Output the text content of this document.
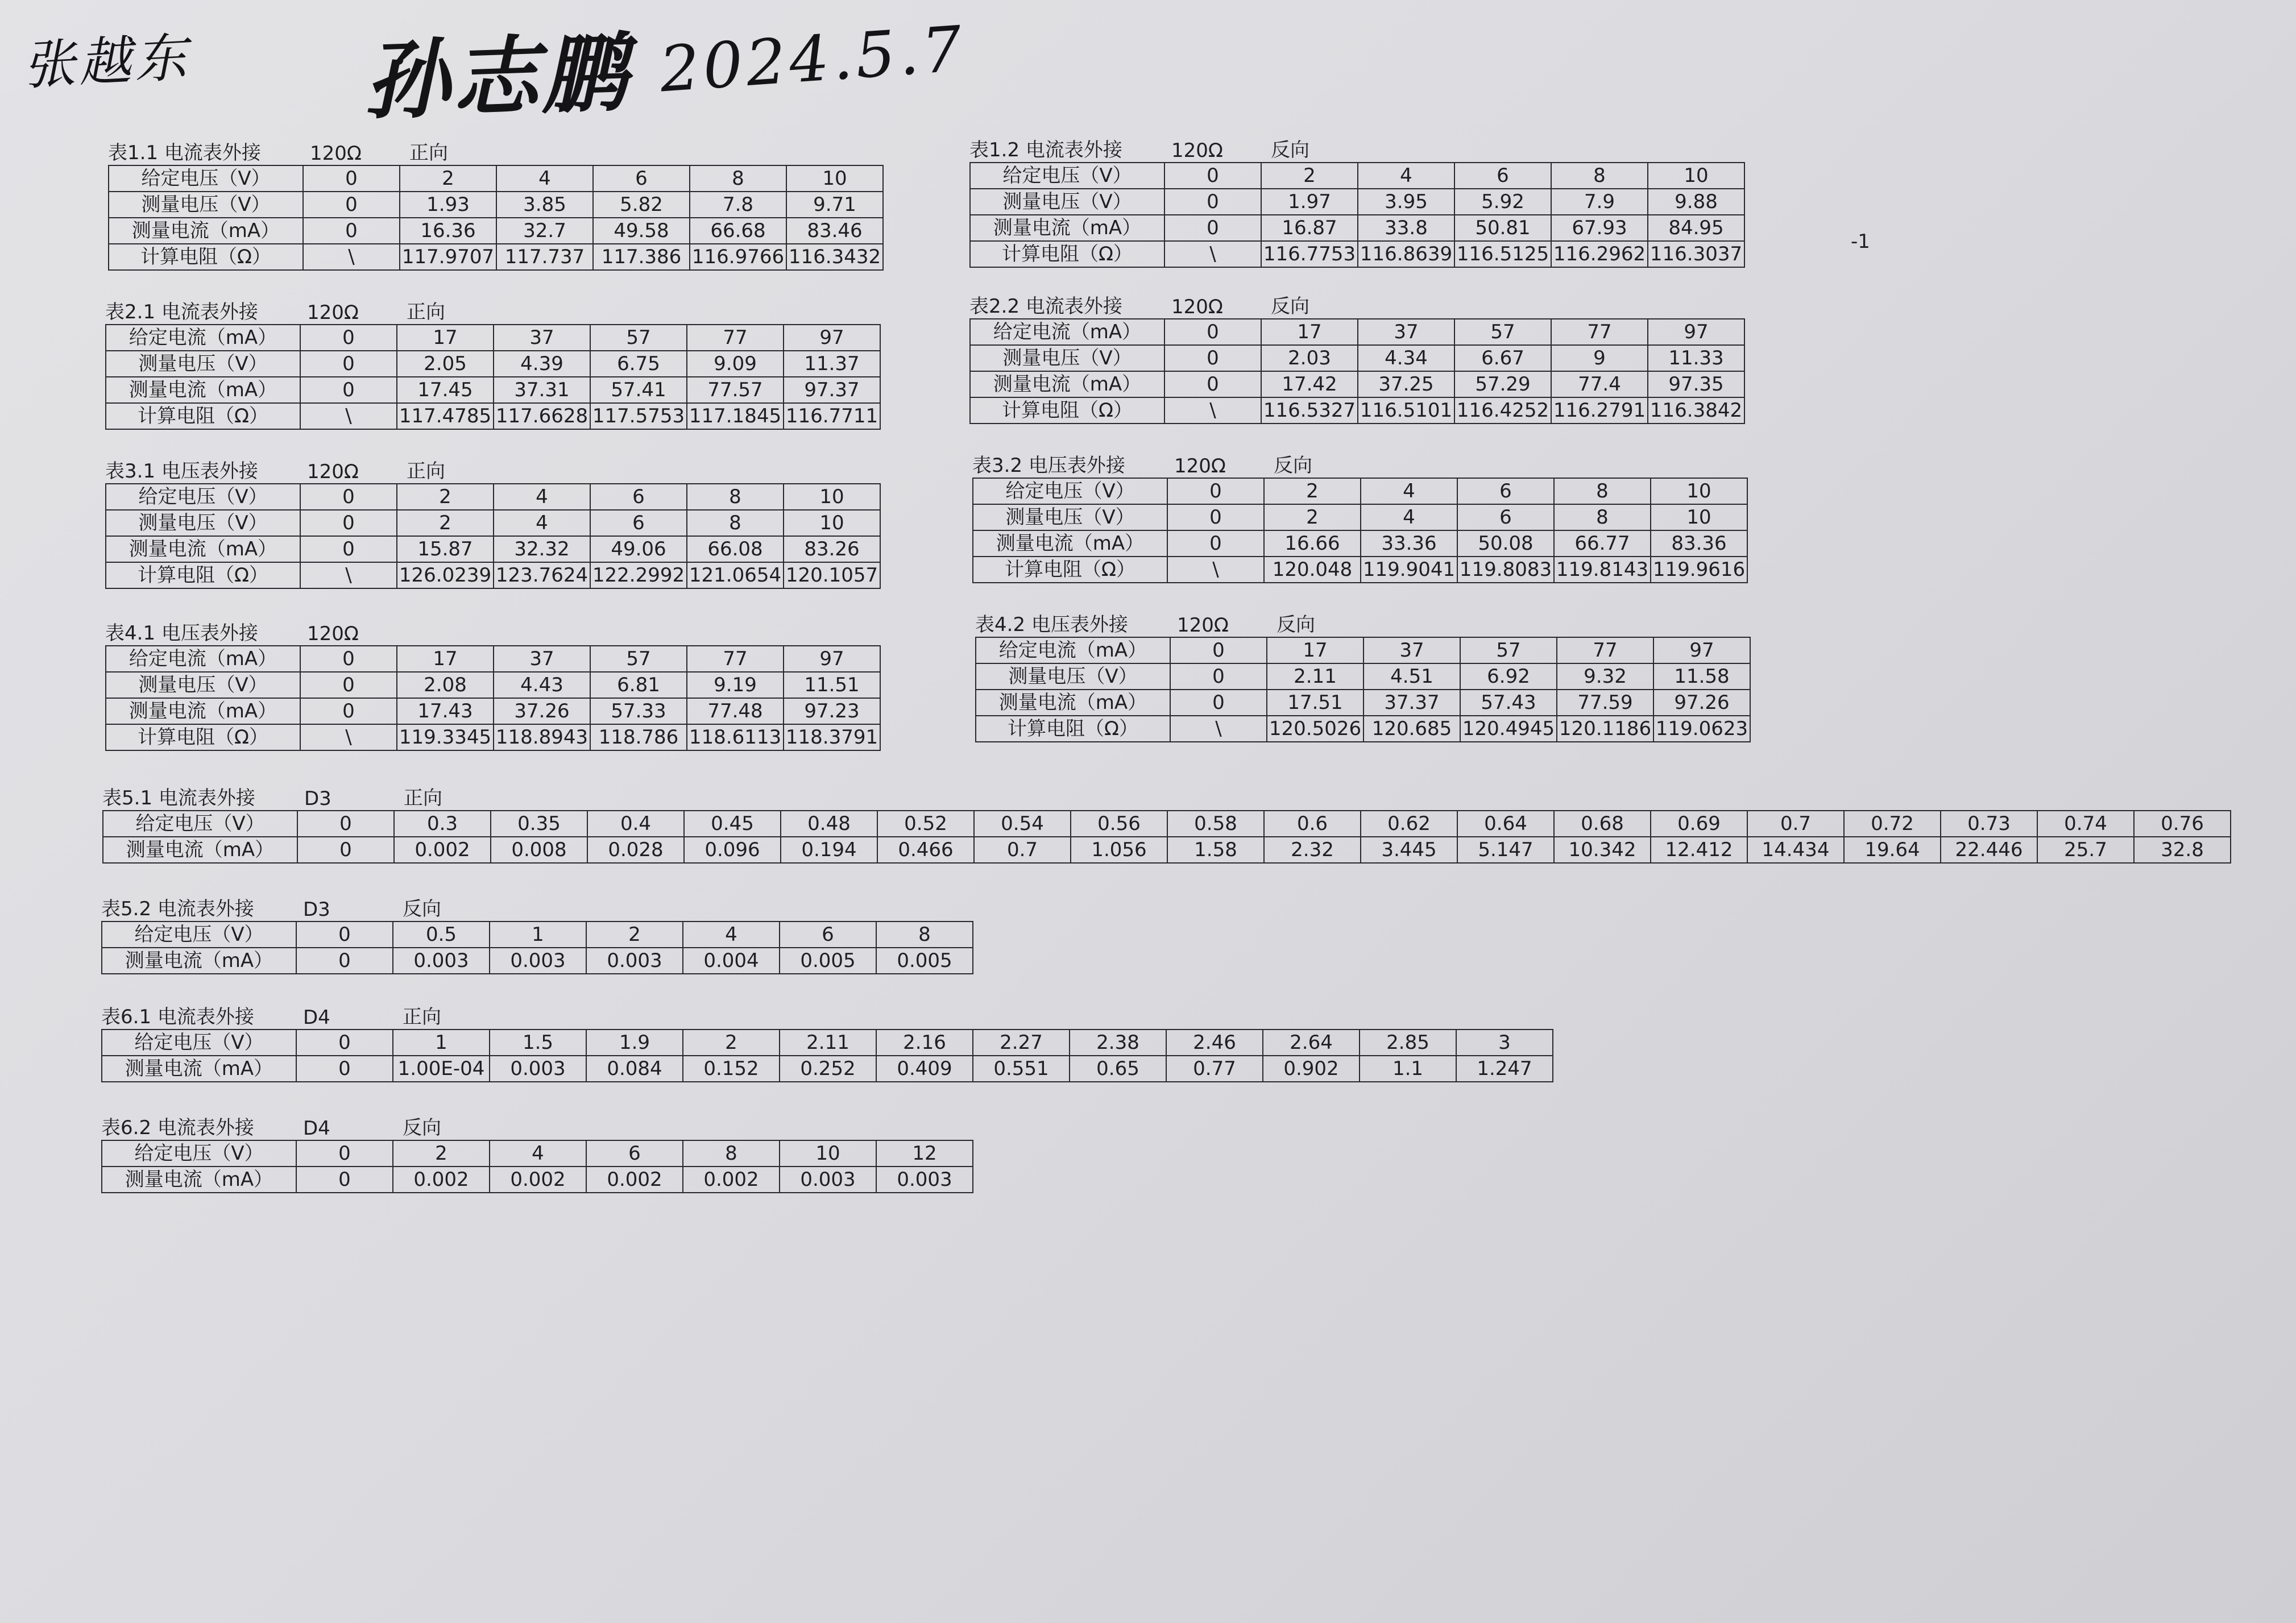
张越东 孙志鹏 2024.5.7
-1
表1.1 电流表外接	120Ω	正向
给定电压（V）	0	2	4	6	8	10
测量电压（V）	0	1.93	3.85	5.82	7.8	9.71
测量电流（mA）	0	16.36	32.7	49.58	66.68	83.46
计算电阻（Ω）	\	117.9707	117.737	117.386	116.9766	116.3432
表1.2 电流表外接	120Ω	反向
给定电压（V）	0	2	4	6	8	10
测量电压（V）	0	1.97	3.95	5.92	7.9	9.88
测量电流（mA）	0	16.87	33.8	50.81	67.93	84.95
计算电阻（Ω）	\	116.7753	116.8639	116.5125	116.2962	116.3037
表2.1 电流表外接	120Ω	正向
给定电流（mA）	0	17	37	57	77	97
测量电压（V）	0	2.05	4.39	6.75	9.09	11.37
测量电流（mA）	0	17.45	37.31	57.41	77.57	97.37
计算电阻（Ω）	\	117.4785	117.6628	117.5753	117.1845	116.7711
表2.2 电流表外接	120Ω	反向
给定电流（mA）	0	17	37	57	77	97
测量电压（V）	0	2.03	4.34	6.67	9	11.33
测量电流（mA）	0	17.42	37.25	57.29	77.4	97.35
计算电阻（Ω）	\	116.5327	116.5101	116.4252	116.2791	116.3842
表3.1 电压表外接	120Ω	正向
给定电压（V）	0	2	4	6	8	10
测量电压（V）	0	2	4	6	8	10
测量电流（mA）	0	15.87	32.32	49.06	66.08	83.26
计算电阻（Ω）	\	126.0239	123.7624	122.2992	121.0654	120.1057
表3.2 电压表外接	120Ω	反向
给定电压（V）	0	2	4	6	8	10
测量电压（V）	0	2	4	6	8	10
测量电流（mA）	0	16.66	33.36	50.08	66.77	83.36
计算电阻（Ω）	\	120.048	119.9041	119.8083	119.8143	119.9616
表4.1 电压表外接	120Ω
给定电流（mA）	0	17	37	57	77	97
测量电压（V）	0	2.08	4.43	6.81	9.19	11.51
测量电流（mA）	0	17.43	37.26	57.33	77.48	97.23
计算电阻（Ω）	\	119.3345	118.8943	118.786	118.6113	118.3791
表4.2 电压表外接	120Ω	反向
给定电流（mA）	0	17	37	57	77	97
测量电压（V）	0	2.11	4.51	6.92	9.32	11.58
测量电流（mA）	0	17.51	37.37	57.43	77.59	97.26
计算电阻（Ω）	\	120.5026	120.685	120.4945	120.1186	119.0623
表5.1 电流表外接	D3	正向
给定电压（V）	0	0.3	0.35	0.4	0.45	0.48	0.52	0.54	0.56	0.58	0.6	0.62	0.64	0.68	0.69	0.7	0.72	0.73	0.74	0.76
测量电流（mA）	0	0.002	0.008	0.028	0.096	0.194	0.466	0.7	1.056	1.58	2.32	3.445	5.147	10.342	12.412	14.434	19.64	22.446	25.7	32.8
表5.2 电流表外接	D3	反向
给定电压（V）	0	0.5	1	2	4	6	8
测量电流（mA）	0	0.003	0.003	0.003	0.004	0.005	0.005
表6.1 电流表外接	D4	正向
给定电压（V）	0	1	1.5	1.9	2	2.11	2.16	2.27	2.38	2.46	2.64	2.85	3
测量电流（mA）	0	1.00E-04	0.003	0.084	0.152	0.252	0.409	0.551	0.65	0.77	0.902	1.1	1.247
表6.2 电流表外接	D4	反向
给定电压（V）	0	2	4	6	8	10	12
测量电流（mA）	0	0.002	0.002	0.002	0.002	0.003	0.003
